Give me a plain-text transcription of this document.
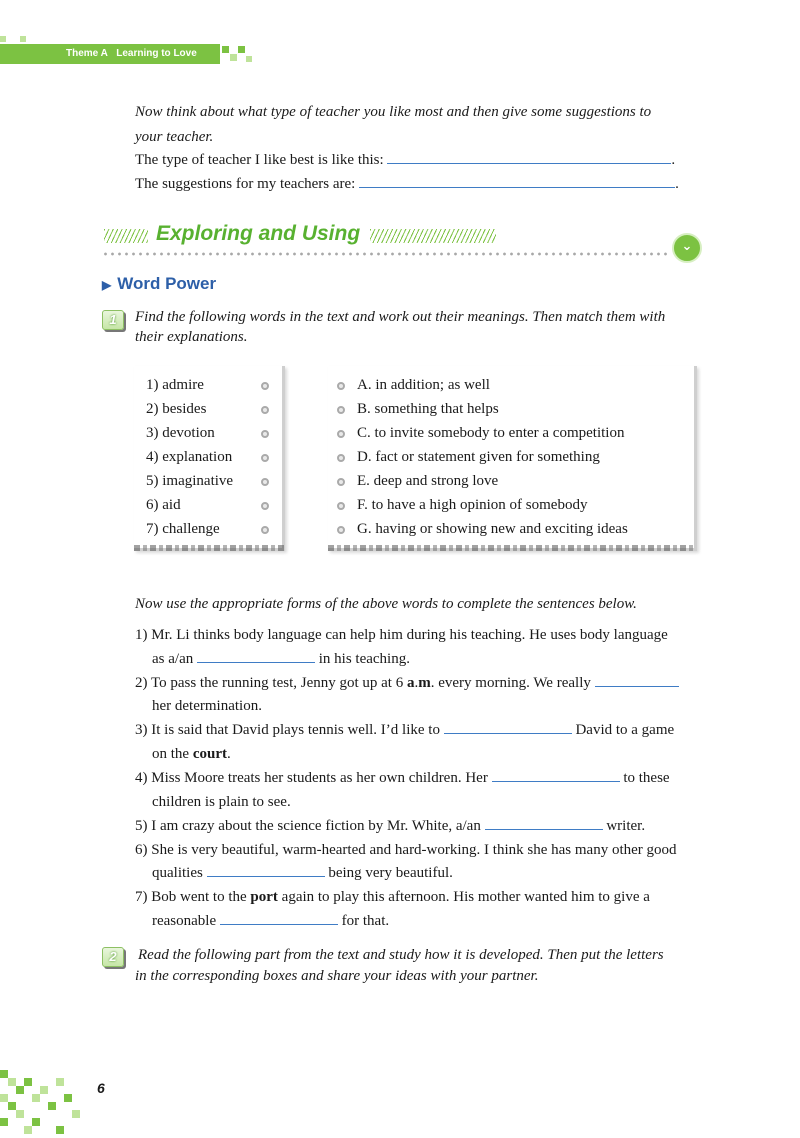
Theme A Learning to Love
Now think about what type of teacher you like most and then give some suggestions to
your teacher.
The type of teacher I like best is like this:	.
The suggestions for my teachers are:	.
Exploring and Using
⌄
▶ Word Power
1	Find the following words in the text and work out their meanings. Then match them with
their explanations.
1) admire
2) besides
3) devotion
4) explanation
5) imaginative
6) aid
7) challenge
A. in addition; as well
B. something that helps
C. to invite somebody to enter a competition
D. fact or statement given for something
E. deep and strong love
F. to have a high opinion of somebody
G. having or showing new and exciting ideas
Now use the appropriate forms of the above words to complete the sentences below.
1) Mr. Li thinks body language can help him during his teaching. He uses body language
as a/an	in his teaching.
2) To pass the running test, Jenny got up at 6 a.m. every morning. We really
her determination.
3) It is said that David plays tennis well. I’d like to	David to a game
on the court.
4) Miss Moore treats her students as her own children. Her	to these
children is plain to see.
5) I am crazy about the science fiction by Mr. White, a/an	writer.
6) She is very beautiful, warm-hearted and hard-working. I think she has many other good
qualities	being very beautiful.
7) Bob went to the port again to play this afternoon. His mother wanted him to give a
reasonable	for that.
2	Read the following part from the text and study how it is developed. Then put the letters
in the corresponding boxes and share your ideas with your partner.
6
